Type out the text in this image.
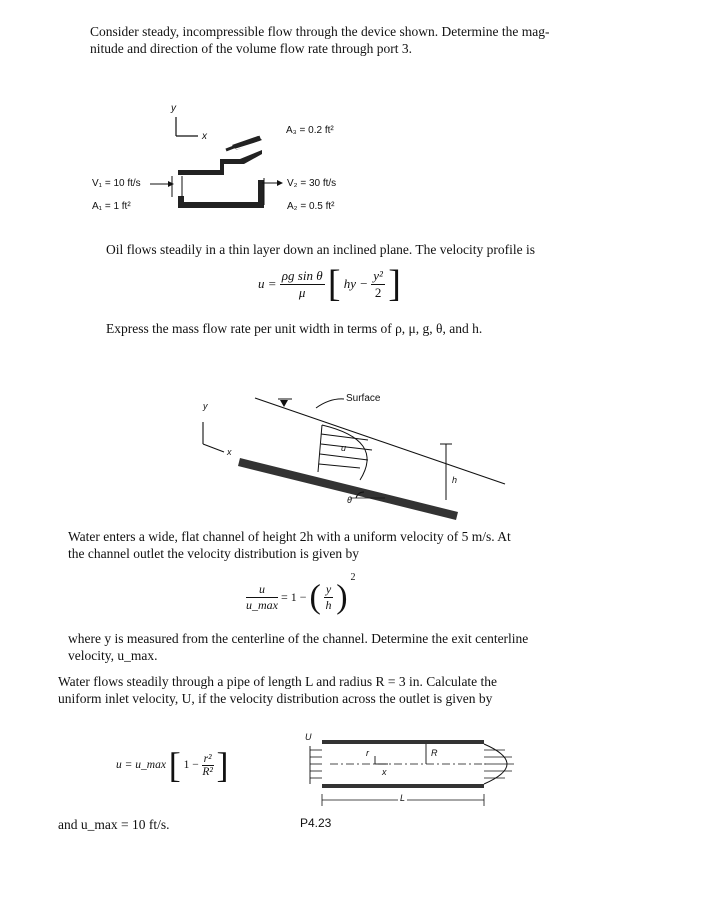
Consider steady, incompressible flow through the device shown. Determine the mag-
nitude and direction of the volume flow rate through port 3.
y
x
A₃ = 0.2 ft²
V₁ = 10 ft/s
A₁ = 1 ft²
V₂ = 30 ft/s
A₂ = 0.5 ft²
Oil flows steadily in a thin layer down an inclined plane. The velocity profile is
$u = \frac{\text{ρg sin θ}}{\mu}$ [ hy − $\frac{\text{y²}}{2}$ ]
Express the mass flow rate per unit width in terms of ρ, μ, g, θ, and h.
Surface
y
x	u
h
θ
Water enters a wide, flat channel of height 2h with a uniform velocity of 5 m/s. At
the channel outlet the velocity distribution is given by
$\frac{u}{u\_\max} = 1$ − ( $\frac{y}{h}$ ) $^2$
where y is measured from the centerline of the channel. Determine the exit centerline
velocity, u_max.
Water flows steadily through a pipe of length L and radius R = 3 in. Calculate the
uniform inlet velocity, U, if the velocity distribution across the outlet is given by
u = u_max [ $1 - \frac{\text{r²}}{\text{R²}}$ ]
and u_max = 10 ft/s.	P4.23
U
r
x
R
L
